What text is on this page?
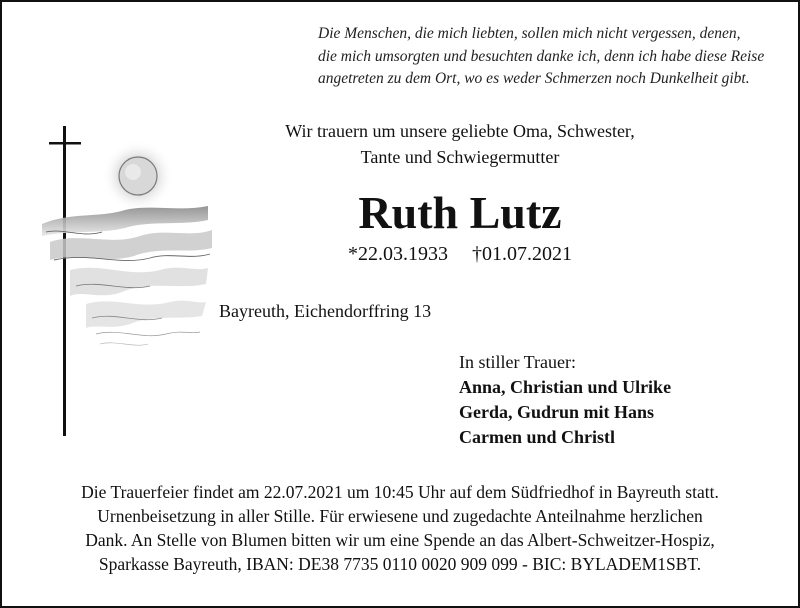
Die Menschen, die mich liebten, sollen mich nicht vergessen, denen,
die mich umsorgten und besuchten danke ich, denn ich habe diese Reise
angetreten zu dem Ort, wo es weder Schmerzen noch Dunkelheit gibt.
Wir trauern um unsere geliebte Oma, Schwester,
Tante und Schwiegermutter
Ruth Lutz
*22.03.1933 †01.07.2021
Bayreuth, Eichendorffring 13
In stiller Trauer:
Anna, Christian und Ulrike
Gerda, Gudrun mit Hans
Carmen und Christl
Die Trauerfeier findet am 22.07.2021 um 10:45 Uhr auf dem Südfriedhof in Bayreuth statt.
Urnenbeisetzung in aller Stille. Für erwiesene und zugedachte Anteilnahme herzlichen
Dank. An Stelle von Blumen bitten wir um eine Spende an das Albert-Schweitzer-Hospiz,
Sparkasse Bayreuth, IBAN: DE38 7735 0110 0020 909 099 - BIC: BYLADEM1SBT.
